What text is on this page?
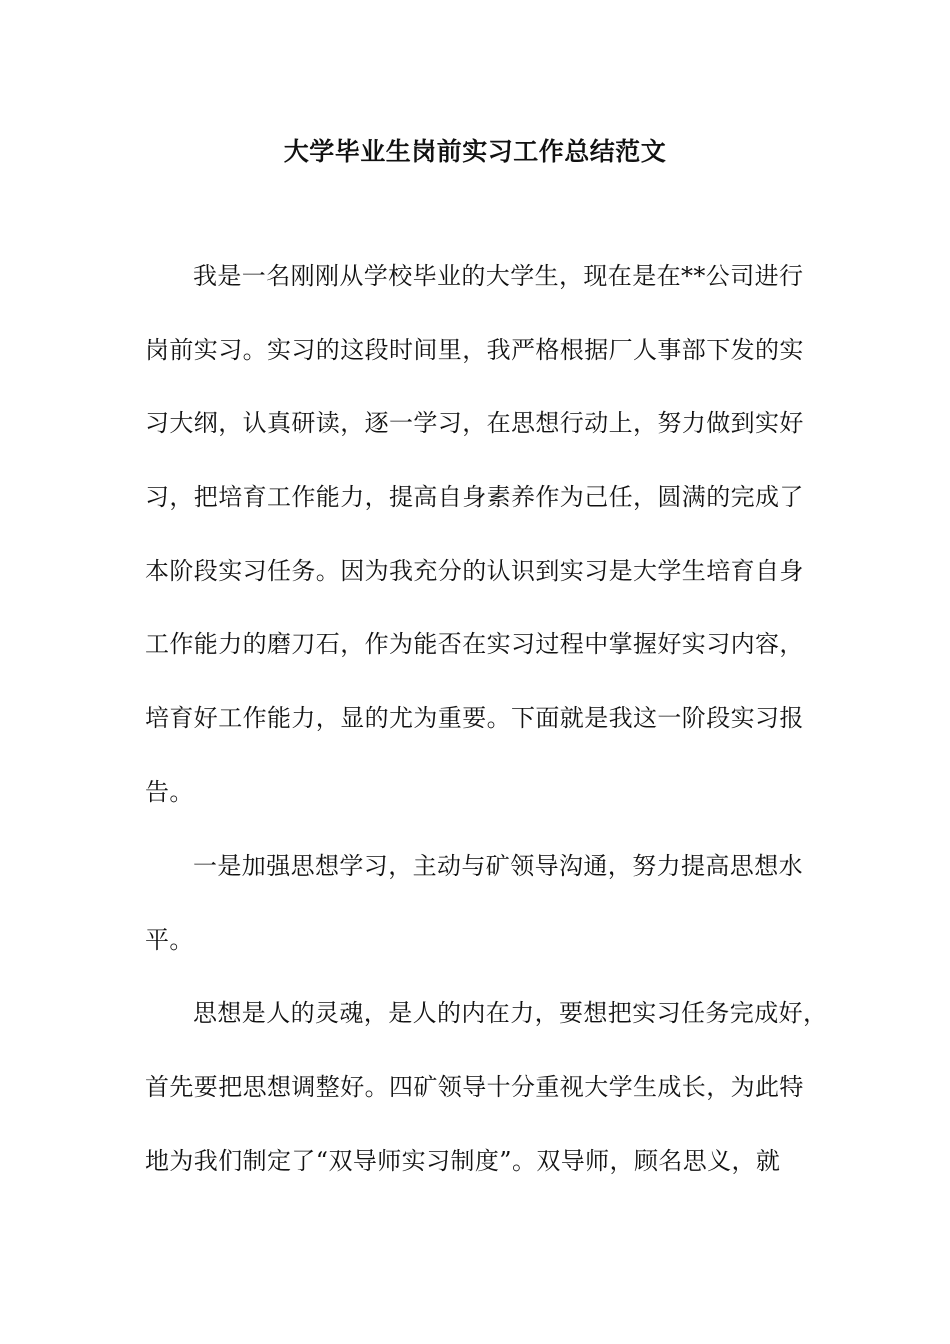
大学毕业生岗前实习工作总结范文
我是一名刚刚从学校毕业的大学生，现在是在**公司进行
岗前实习。实习的这段时间里，我严格根据厂人事部下发的实
习大纲，认真研读，逐一学习，在思想行动上，努力做到实好
习，把培育工作能力，提高自身素养作为己任，圆满的完成了
本阶段实习任务。因为我充分的认识到实习是大学生培育自身
工作能力的磨刀石，作为能否在实习过程中掌握好实习内容，
培育好工作能力，显的尤为重要。下面就是我这一阶段实习报
告。
一是加强思想学习，主动与矿领导沟通，努力提高思想水
平。
思想是人的灵魂，是人的内在力，要想把实习任务完成好，
首先要把思想调整好。四矿领导十分重视大学生成长，为此特
地为我们制定了“双导师实习制度”。双导师，顾名思义，就
